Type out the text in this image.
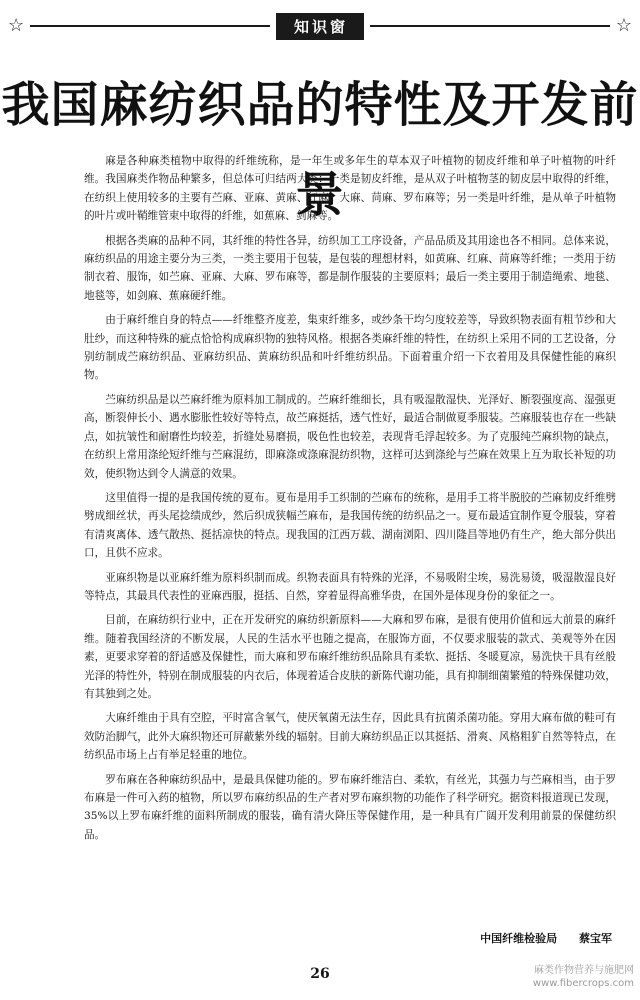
☆	知识窗	☆
我国麻纺织品的特性及开发前景

麻是各种麻类植物中取得的纤维统称，是一年生或多年生的草本双子叶植物的韧皮纤维和单子叶植物的叶纤维。我国麻类作物品种繁多，但总体可归结两大类：一类是韧皮纤维，是从双子叶植物茎的韧皮层中取得的纤维，在纺织上使用较多的主要有苎麻、亚麻、黄麻、红麻、大麻、苘麻、罗布麻等；另一类是叶纤维，是从单子叶植物的叶片或叶鞘维管束中取得的纤维，如蕉麻、剑麻等。

根据各类麻的品种不同，其纤维的特性各异，纺织加工工序设备，产品品质及其用途也各不相同。总体来说，麻纺织品的用途主要分为三类，一类主要用于包装，是包装的理想材料，如黄麻、红麻、苘麻等纤维；一类用于纺制衣着、服饰，如苎麻、亚麻、大麻、罗布麻等，都是制作服装的主要原料；最后一类主要用于制造绳索、地毯、地毯等，如剑麻、蕉麻硬纤维。

由于麻纤维自身的特点——纤维整齐度差，集束纤维多，或纱条干均匀度较差等，导致织物表面有粗节纱和大肚纱，而这种特殊的疵点恰恰构成麻织物的独特风格。根据各类麻纤维的特性，在纺织上采用不同的工艺设备，分别纺制成苎麻纺织品、亚麻纺织品、黄麻纺织品和叶纤维纺织品。下面着重介绍一下衣着用及具保健性能的麻织物。

苎麻纺织品是以苎麻纤维为原料加工制成的。苎麻纤维细长，具有吸湿散湿快、光泽好、断裂强度高、湿强更高，断裂伸长小、遇水膨胀性较好等特点，故苎麻挺括，透气性好，最适合制做夏季服装。苎麻服装也存在一些缺点，如抗皱性和耐磨性均较差，折缝处易磨损，吸色性也较差，表现背毛浮起较多。为了克服纯苎麻织物的缺点，在纺织上常用涤纶短纤维与苎麻混纺，即麻涤或涤麻混纺织物，这样可达到涤纶与苎麻在效果上互为取长补短的功效，使织物达到令人满意的效果。

这里值得一提的是我国传统的夏布。夏布是用手工织制的苎麻布的统称，是用手工将半脱胶的苎麻韧皮纤维劈劈成细丝状，再头尾捻绩成纱，然后织成狭幅苎麻布，是我国传统的纺织品之一。夏布最适宜制作夏令服装，穿着有清爽离体、透气散热、挺括凉快的特点。现我国的江西万载、湖南浏阳、四川隆昌等地仍有生产，绝大部分供出口，且供不应求。

亚麻织物是以亚麻纤维为原料织制而成。织物表面具有特殊的光泽，不易吸附尘埃，易洗易烫，吸湿散湿良好等特点，其最具代表性的亚麻西服，挺括、自然，穿着显得高雅华贵，在国外是体现身份的象征之一。

目前，在麻纺织行业中，正在开发研究的麻纺织新原料——大麻和罗布麻，是很有使用价值和远大前景的麻纤维。随着我国经济的不断发展，人民的生活水平也随之提高，在服饰方面，不仅要求服装的款式、美观等外在因素，更要求穿着的舒适感及保健性，而大麻和罗布麻纤维纺织品除具有柔软、挺括、冬暖夏凉，易洗快干具有丝般光泽的特性外，特别在制成服装的内衣后，体现着适合皮肤的新陈代谢功能，具有抑制细菌繁殖的特殊保健功效，有其独到之处。

大麻纤维由于具有空腔，平时富含氧气，使厌氧菌无法生存，因此具有抗菌杀菌功能。穿用大麻布做的鞋可有效防治脚气，此外大麻织物还可屏蔽紫外线的辐射。目前大麻纺织品正以其挺括、滑爽、风格粗犷自然等特点，在纺织品市场上占有举足轻重的地位。

罗布麻在各种麻纺织品中，是最具保健功能的。罗布麻纤维洁白、柔软，有丝光，其强力与苎麻相当，由于罗布麻是一件可入药的植物，所以罗布麻纺织品的生产者对罗布麻织物的功能作了科学研究。据资料报道现已发现，35%以上罗布麻纤维的面料所制成的服装，确有清火降压等保健作用，是一种具有广阔开发利用前景的保健纺织品。

中国纤维检验局 蔡宝军
26	麻类作物营养与施肥网
www.fibercrops.com
